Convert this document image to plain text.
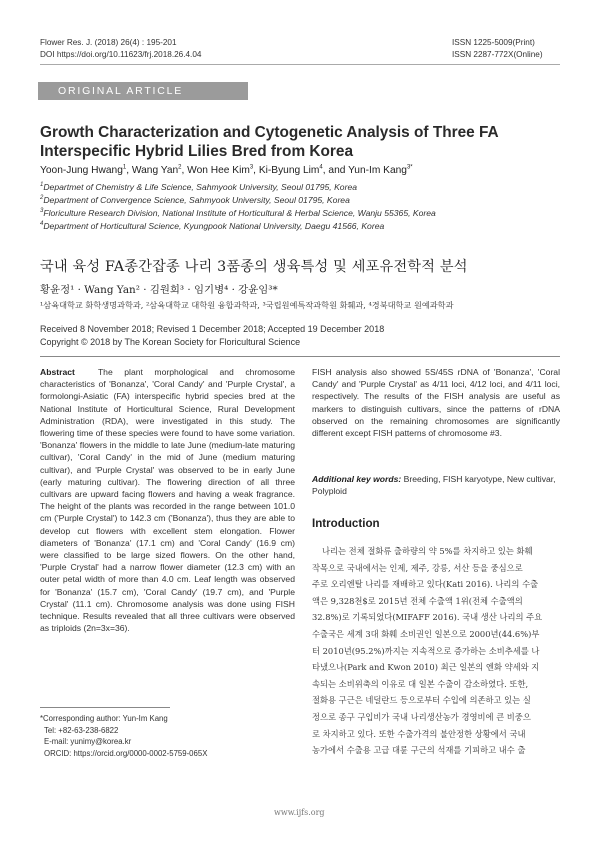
Flower Res. J. (2018) 26(4) : 195-201
DOI https://doi.org/10.11623/frj.2018.26.4.04
ISSN 1225-5009(Print)
ISSN 2287-772X(Online)
ORIGINAL ARTICLE
Growth Characterization and Cytogenetic Analysis of Three FA Interspecific Hybrid Lilies Bred from Korea
Yoon-Jung Hwang$^1$, Wang Yan$^2$, Won Hee Kim$^3$, Ki-Byung Lim$^4$, and Yun-Im Kang$^{3*}$
$^1$Departmet of Chemistry & Life Science, Sahmyook University, Seoul 01795, Korea
$^2$Department of Convergence Science, Sahmyook University, Seoul 01795, Korea
$^3$Floriculture Research Division, National Institute of Horticultural & Herbal Science, Wanju 55365, Korea
$^4$Department of Horticultural Science, Kyungpook National University, Daegu 41566, Korea
국내 육성 FA종간잡종 나리 3품종의 생육특성 및 세포유전학적 분석
황윤정¹ · Wang Yan² · 김원희³ · 임기병⁴ · 강윤임³*
¹삼육대학교 화학생명과학과, ²삼육대학교 대학원 융합과학과, ³국립원예특작과학원 화훼과, ⁴경북대학교 원예과학과
Received 8 November 2018; Revised 1 December 2018; Accepted 19 December 2018
Copyright © 2018 by The Korean Society for Floricultural Science
Abstract	The plant morphological and chromosome characteristics of 'Bonanza', 'Coral Candy' and 'Purple Crystal', a formolongi-Asiatic (FA) interspecific hybrid species bred at the National Institute of Horticultural Science, Rural Development Administration (RDA), were investigated in this study. The flowering time of these species were found to have some variation. 'Bonanza' flowers in the middle to late June (medium-late maturing cultivar), 'Coral Candy' in the mid of June (medium maturing cultivar), and 'Purple Crystal' was observed to be in early June (early maturing cultivar). The flowering direction of all three cultivars are upward facing flowers and having a weak fragrance. The height of the plants was recorded in the range between 101.0 cm ('Purple Crystal') to 142.3 cm ('Bonanza'), thus they are able to develop cut flowers with excellent stem elongation. Flower diameters of 'Bonanza' (17.1 cm) and 'Coral Candy' (16.9 cm) were classified to be large sized flowers. On the other hand, 'Purple Crystal' had a narrow flower diameter (12.3 cm) with an outer petal width of more than 4.0 cm. Leaf length was observed for 'Bonanza' (15.7 cm), 'Coral Candy' (19.7 cm), and 'Purple Crystal' (11.1 cm). Chromosome analysis was done using FISH technique. Results revealed that all three cultivars were observed as triploids (2n=3x=36).
*Corresponding author: Yun-Im Kang
Tel: +82-63-238-6822
E-mail: yunimy@korea.kr
ORCID: https://orcid.org/0000-0002-5759-065X
FISH analysis also showed 5S/45S rDNA of 'Bonanza', 'Coral Candy' and 'Purple Crystal' as 4/11 loci, 4/12 loci, and 4/11 loci, respectively. The results of the FISH analysis are useful as markers to distinguish cultivars, since the patterns of rDNA observed on the remaining chromosomes are significantly different except FISH patterns of chromosome #3.
Additional key words: Breeding, FISH karyotype, New cultivar, Polyploid
Introduction
나리는 전체 절화류 출하량의 약 5%를 차지하고 있는 화훼
작목으로 국내에서는 인제, 제주, 강릉, 서산 등을 중심으로
주로 오리엔탈 나리를 재배하고 있다(Kati 2016). 나리의 수출
액은 9,328천$로 2015년 전체 수출액 1위(전체 수출액의
32.8%)로 기록되었다(MIFAFF 2016). 국내 생산 나리의 주요
수출국은 세계 3대 화훼 소비권인 일본으로 2000년(44.6%)부
터 2010년(95.2%)까지는 지속적으로 증가하는 소비추세를 나
타냈으나(Park and Kwon 2010) 최근 일본의 엔화 약세와 지
속되는 소비위축의 이유로 대 일본 수출이 감소하였다. 또한,
절화용 구근은 네덜란드 등으로부터 수입에 의존하고 있는 실
정으로 종구 구입비가 국내 나리생산농가 경영비에 큰 비중으
로 차지하고 있다. 또한 수출가격의 불안정한 상황에서 국내
농가에서 수출용 고급 대륜 구근의 석재를 기피하고 내수 출
www.ijfs.org
